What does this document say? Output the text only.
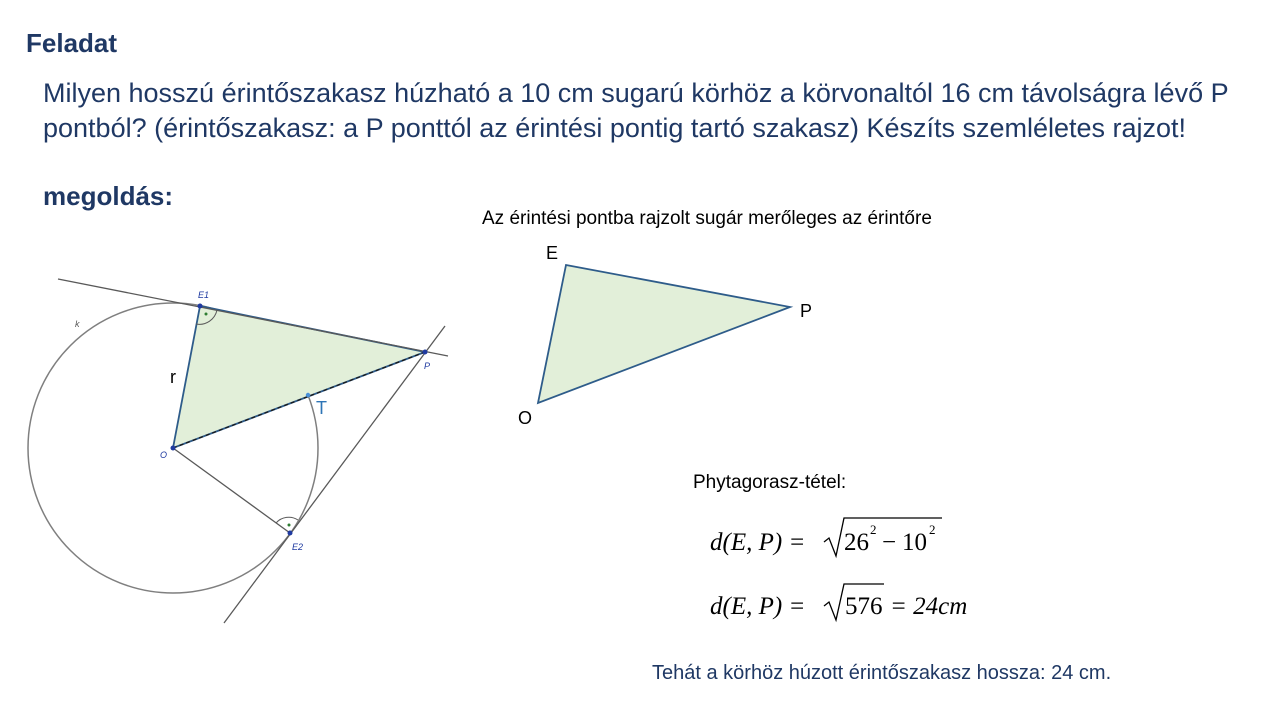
Feladat
Milyen hosszú érintőszakasz húzható a 10 cm sugarú körhöz a körvonaltól 16 cm távolságra lévő P pontból? (érintőszakasz: a P ponttól az érintési pontig tartó szakasz) Készíts szemléletes rajzot!
megoldás:
Az érintési pontba rajzolt sugár merőleges az érintőre
E1
P
O
E2
k
r
T
E
P
O
Phytagorasz-tétel:
d(E, P) = 26 2 − 10 2
d(E, P) = 576 = 24cm
Tehát a körhöz húzott érintőszakasz hossza: 24 cm.
